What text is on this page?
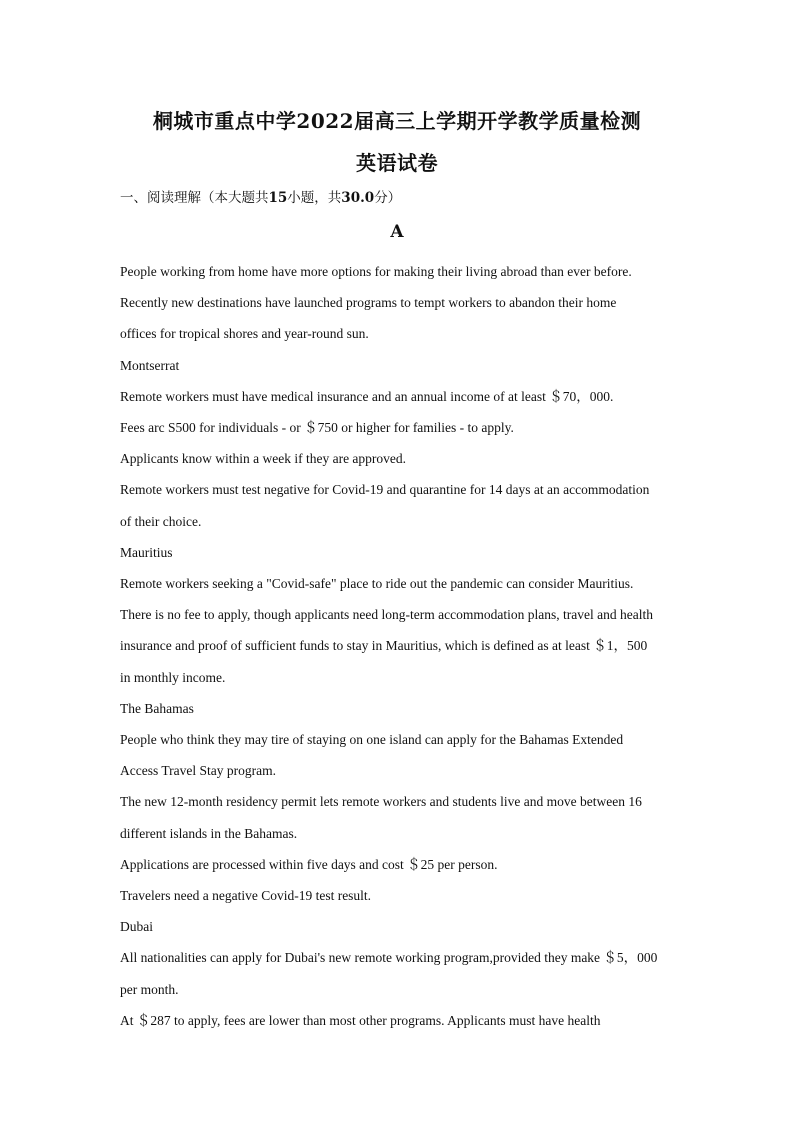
桐城市重点中学2022届高三上学期开学教学质量检测
英语试卷
一、阅读理解（本大题共15小题，共30.0分）
A

People working from home have more options for making their living abroad than ever before.

Recently new destinations have launched programs to tempt workers to abandon their home

offices for tropical shores and year-round sun.

Montserrat

Remote workers must have medical insurance and an annual income of at least ＄70，000.

Fees arc S500 for individuals - or ＄750 or higher for families - to apply.

Applicants know within a week if they are approved.

Remote workers must test negative for Covid-19 and quarantine for 14 days at an accommodation

of their choice.

Mauritius

Remote workers seeking a "Covid-safe" place to ride out the pandemic can consider Mauritius.

There is no fee to apply, though applicants need long-term accommodation plans, travel and health

insurance and proof of sufficient funds to stay in Mauritius, which is defined as at least ＄1，500

in monthly income.

The Bahamas

People who think they may tire of staying on one island can apply for the Bahamas Extended

Access Travel Stay program.

The new 12-month residency permit lets remote workers and students live and move between 16

different islands in the Bahamas.

Applications are processed within five days and cost ＄25 per person.

Travelers need a negative Covid-19 test result.

Dubai

All nationalities can apply for Dubai's new remote working program,provided they make ＄5，000

per month.

At ＄287 to apply, fees are lower than most other programs. Applicants must have health
